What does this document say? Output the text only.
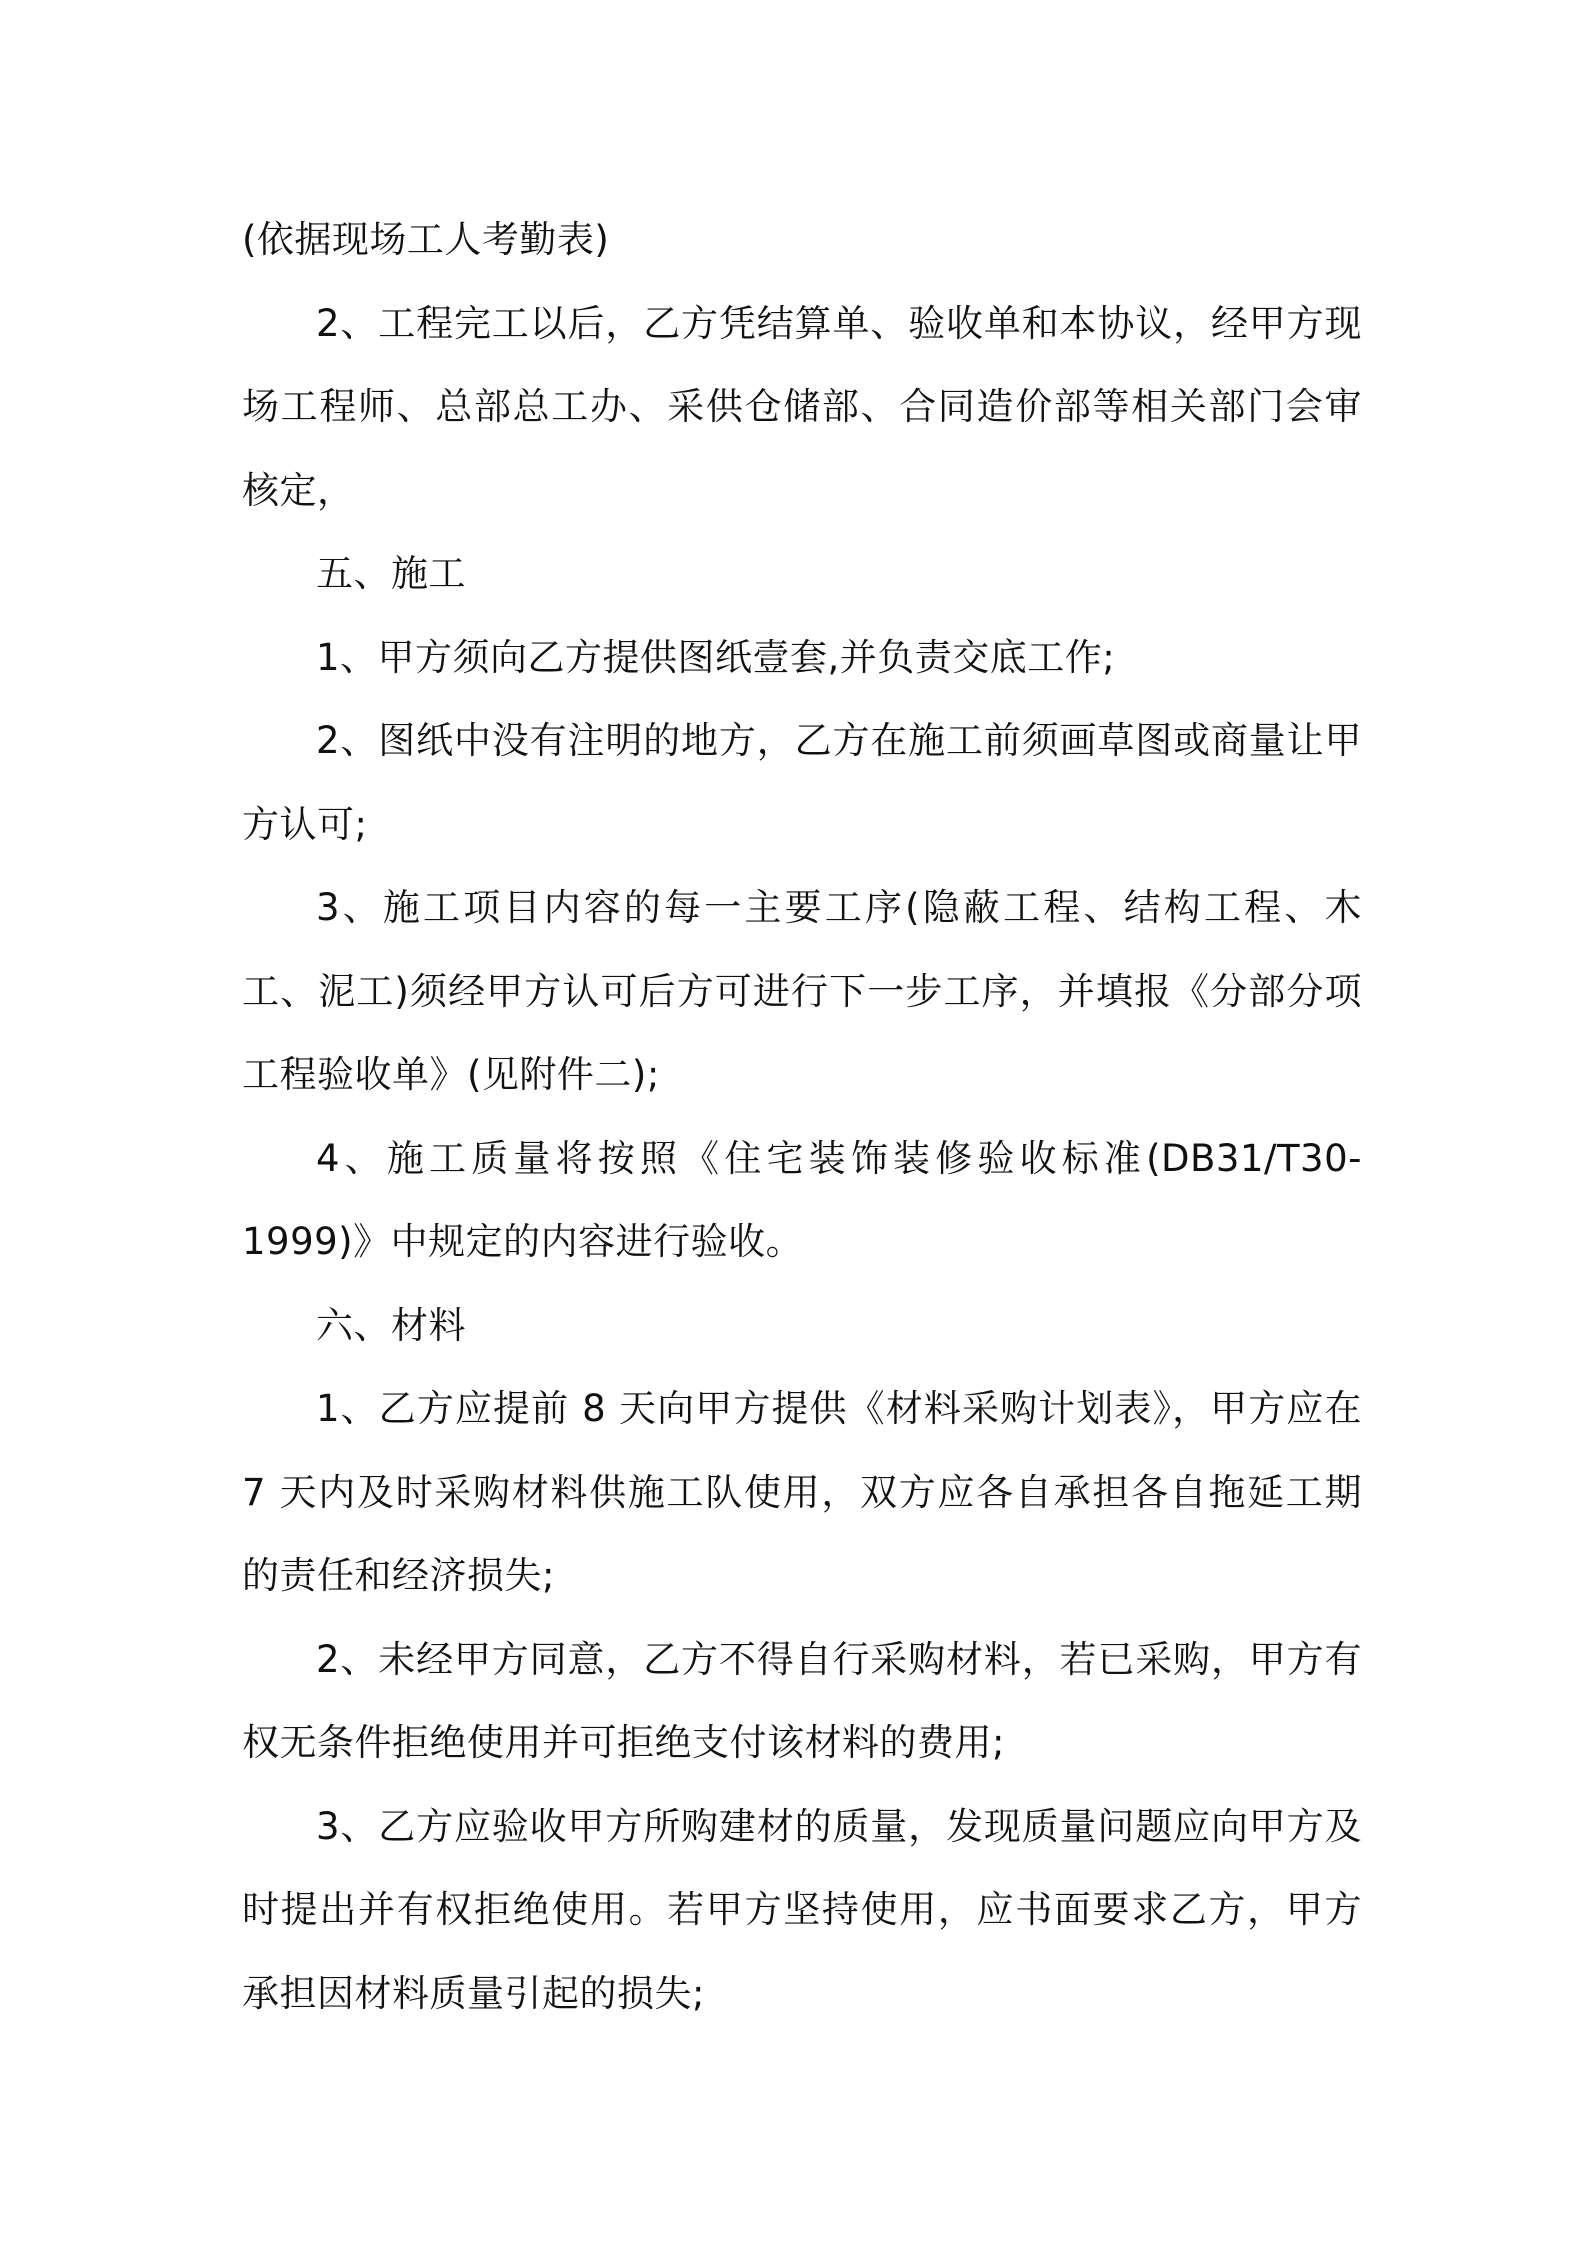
(依据现场工人考勤表)

2、工程完工以后，乙方凭结算单、验收单和本协议，经甲方现场工程师、总部总工办、采供仓储部、合同造价部等相关部门会审核定，

五、施工

1、甲方须向乙方提供图纸壹套,并负责交底工作;

2、图纸中没有注明的地方，乙方在施工前须画草图或商量让甲方认可;

3、施工项目内容的每一主要工序(隐蔽工程、结构工程、木工、泥工)须经甲方认可后方可进行下一步工序，并填报《分部分项工程验收单》(见附件二);

4、施工质量将按照《住宅装饰装修验收标准(DB31/T30-1999)》中规定的内容进行验收。

六、材料

1、乙方应提前 8 天向甲方提供《材料采购计划表》，甲方应在 7 天内及时采购材料供施工队使用，双方应各自承担各自拖延工期的责任和经济损失;

2、未经甲方同意，乙方不得自行采购材料，若已采购，甲方有权无条件拒绝使用并可拒绝支付该材料的费用;

3、乙方应验收甲方所购建材的质量，发现质量问题应向甲方及时提出并有权拒绝使用。若甲方坚持使用，应书面要求乙方，甲方承担因材料质量引起的损失;
